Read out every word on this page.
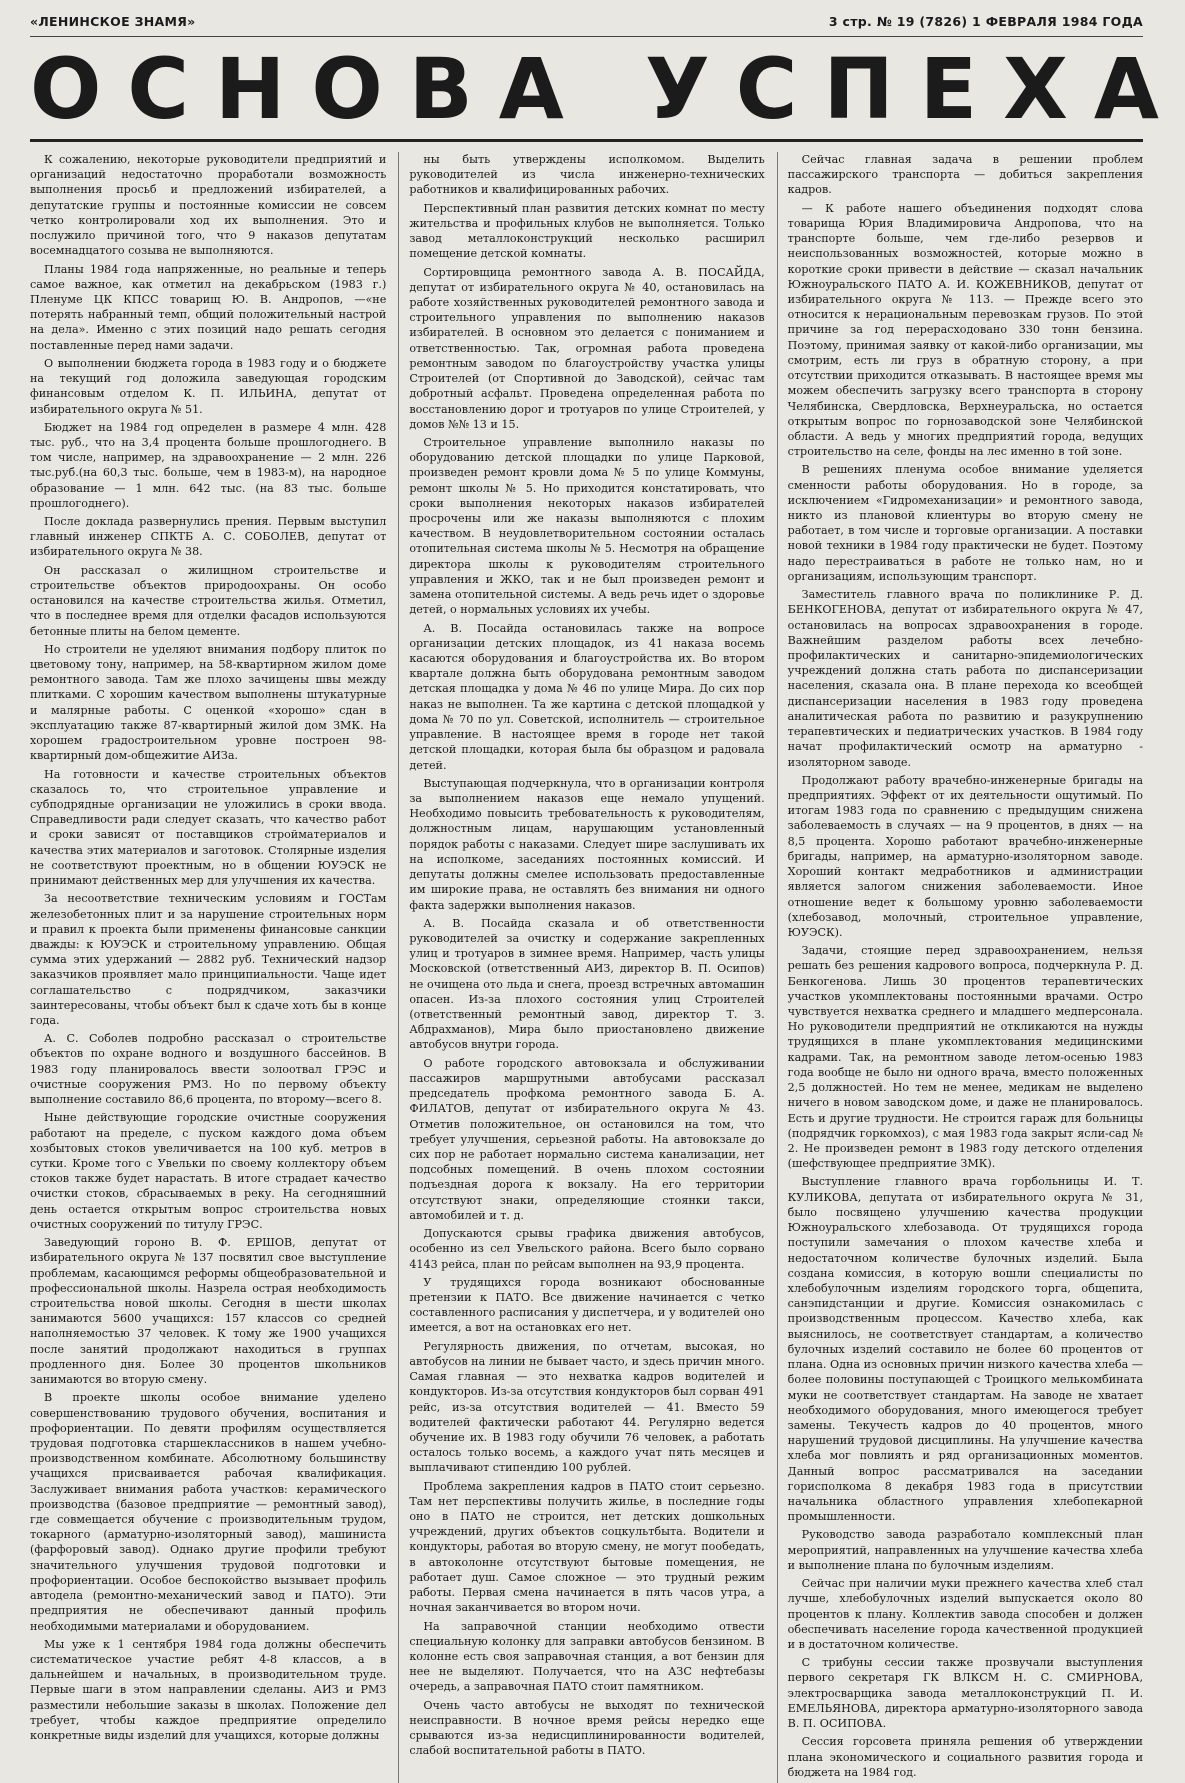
«ЛЕНИНСКОЕ ЗНАМЯ»	3 стр. № 19 (7826) 1 ФЕВРАЛЯ 1984 ГОДА
ОСНОВА УСПЕХА

К сожалению, некоторые руководители предприятий и организаций недостаточно проработали возможность выполнения просьб и предложений избирателей, а депутатские группы и постоянные комиссии не совсем четко контролировали ход их выполнения. Это и послужило причиной того, что 9 наказов депутатам восемнадцатого созыва не выполняются.

Планы 1984 года напряженные, но реальные и теперь самое важное, как отметил на декабрьском (1983 г.) Пленуме ЦК КПСС товарищ Ю. В. Андропов, —«не потерять набранный темп, общий положительный настрой на дела». Именно с этих позиций надо решать сегодня поставленные перед нами задачи.

О выполнении бюджета города в 1983 году и о бюджете на текущий год доложила заведующая городским финансовым отделом К. П. ИЛЬИНА, депутат от избирательного округа № 51.

Бюджет на 1984 год определен в размере 4 млн. 428 тыс. руб., что на 3,4 процента больше прошлогоднего. В том числе, например, на здравоохранение — 2 млн. 226 тыс.руб.(на 60,3 тыс. больше, чем в 1983-м), на народное образование — 1 млн. 642 тыс. (на 83 тыс. больше прошлогоднего).

После доклада развернулись прения. Первым выступил главный инженер СПКТБ А. С. СОБОЛЕВ, депутат от избирательного округа № 38.

Он рассказал о жилищном строительстве и строительстве объектов природоохраны. Он особо остановился на качестве строительства жилья. Отметил, что в последнее время для отделки фасадов используются бетонные плиты на белом цементе.

Но строители не уделяют внимания подбору плиток по цветовому тону, например, на 58-квартирном жилом доме ремонтного завода. Там же плохо зачищены швы между плитками. С хорошим качеством выполнены штукатурные и малярные работы. С оценкой «хорошо» сдан в эксплуатацию также 87-квартирный жилой дом ЗМК. На хорошем градостроительном уровне построен 98-квартирный дом-общежитие АИЗа.

На готовности и качестве строительных объектов сказалось то, что строительное управление и субподрядные организации не уложились в сроки ввода. Справедливости ради следует сказать, что качество работ и сроки зависят от поставщиков стройматериалов и качества этих материалов и заготовок. Столярные изделия не соответствуют проектным, но в общении ЮУЭСК не принимают действенных мер для улучшения их качества.

За несоответствие техническим условиям и ГОСТам железобетонных плит и за нарушение строительных норм и правил к проекта были применены финансовые санкции дважды: к ЮУЭСК и строительному управлению. Общая сумма этих удержаний — 2882 руб. Технический надзор заказчиков проявляет мало принципиальности. Чаще идет соглашательство с подрядчиком, заказчики заинтересованы, чтобы объект был к сдаче хоть бы в конце года.

А. С. Соболев подробно рассказал о строительстве объектов по охране водного и воздушного бассейнов. В 1983 году планировалось ввести золоотвал ГРЭС и очистные сооружения РМЗ. Но по первому объекту выполнение составило 86,6 процента, по второму—всего 8.

Ныне действующие городские очистные сооружения работают на пределе, с пуском каждого дома объем хозбытовых стоков увеличивается на 100 куб. метров в сутки. Кроме того с Увельки по своему коллектору объем стоков также будет нарастать. В итоге страдает качество очистки стоков, сбрасываемых в реку. На сегодняшний день остается открытым вопрос строительства новых очистных сооружений по титулу ГРЭС.

Заведующий гороно В. Ф. ЕРШОВ, депутат от избирательного округа № 137 посвятил свое выступление проблемам, касающимся реформы общеобразовательной и профессиональной школы. Назрела острая необходимость строительства новой школы. Сегодня в шести школах занимаются 5600 учащихся: 157 классов со средней наполняемостью 37 человек. К тому же 1900 учащихся после занятий продолжают находиться в группах продленного дня. Более 30 процентов школьников занимаются во вторую смену.

В проекте школы особое внимание уделено совершенствованию трудового обучения, воспитания и профориентации. По девяти профилям осуществляется трудовая подготовка старшеклассников в нашем учебно-производственном комбинате. Абсолютному большинству учащихся присваивается рабочая квалификация. Заслуживает внимания работа участков: керамического производства (базовое предприятие — ремонтный завод), где совмещается обучение с производительным трудом, токарного (арматурно-изоляторный завод), машиниста (фарфоровый завод). Однако другие профили требуют значительного улучшения трудовой подготовки и профориентации. Особое беспокойство вызывает профиль автодела (ремонтно-механический завод и ПАТО). Эти предприятия не обеспечивают данный профиль необходимыми материалами и оборудованием.

Мы уже к 1 сентября 1984 года должны обеспечить систематическое участие ребят 4-8 классов, а в дальнейшем и начальных, в производительном труде. Первые шаги в этом направлении сделаны. АИЗ и РМЗ разместили небольшие заказы в школах. Положение дел требует, чтобы каждое предприятие определило конкретные виды изделий для учащихся, которые должны

ны быть утверждены исполкомом. Выделить руководителей из числа инженерно-технических работников и квалифицированных рабочих.

Перспективный план развития детских комнат по месту жительства и профильных клубов не выполняется. Только завод металлоконструкций несколько расширил помещение детской комнаты.

Сортировщица ремонтного завода А. В. ПОСАЙДА, депутат от избирательного округа № 40, остановилась на работе хозяйственных руководителей ремонтного завода и строительного управления по выполнению наказов избирателей. В основном это делается с пониманием и ответственностью. Так, огромная работа проведена ремонтным заводом по благоустройству участка улицы Строителей (от Спортивной до Заводской), сейчас там добротный асфальт. Проведена определенная работа по восстановлению дорог и тротуаров по улице Строителей, у домов №№ 13 и 15.

Строительное управление выполнило наказы по оборудованию детской площадки по улице Парковой, произведен ремонт кровли дома № 5 по улице Коммуны, ремонт школы № 5. Но приходится констатировать, что сроки выполнения некоторых наказов избирателей просрочены или же наказы выполняются с плохим качеством. В неудовлетворительном состоянии осталась отопительная система школы № 5. Несмотря на обращение директора школы к руководителям строительного управления и ЖКО, так и не был произведен ремонт и замена отопительной системы. А ведь речь идет о здоровье детей, о нормальных условиях их учебы.

А. В. Посайда остановилась также на вопросе организации детских площадок, из 41 наказа восемь касаются оборудования и благоустройства их. Во втором квартале должна быть оборудована ремонтным заводом детская площадка у дома № 46 по улице Мира. До сих пор наказ не выполнен. Та же картина с детской площадкой у дома № 70 по ул. Советской, исполнитель — строительное управление. В настоящее время в городе нет такой детской площадки, которая была бы образцом и радовала детей.

Выступающая подчеркнула, что в организации контроля за выполнением наказов еще немало упущений. Необходимо повысить требовательность к руководителям, должностным лицам, нарушающим установленный порядок работы с наказами. Следует шире заслушивать их на исполкоме, заседаниях постоянных комиссий. И депутаты должны смелее использовать предоставленные им широкие права, не оставлять без внимания ни одного факта задержки выполнения наказов.

А. В. Посайда сказала и об ответственности руководителей за очистку и содержание закрепленных улиц и тротуаров в зимнее время. Например, часть улицы Московской (ответственный АИЗ, директор В. П. Осипов) не очищена ото льда и снега, проезд встречных автомашин опасен. Из-за плохого состояния улиц Строителей (ответственный ремонтный завод, директор Т. З. Абдрахманов), Мира было приостановлено движение автобусов внутри города.

О работе городского автовокзала и обслуживании пассажиров маршрутными автобусами рассказал председатель профкома ремонтного завода Б. А. ФИЛАТОВ, депутат от избирательного округа № 43. Отметив положительное, он остановился на том, что требует улучшения, серьезной работы. На автовокзале до сих пор не работает нормально система канализации, нет подсобных помещений. В очень плохом состоянии подъездная дорога к вокзалу. На его территории отсутствуют знаки, определяющие стоянки такси, автомобилей и т. д.

Допускаются срывы графика движения автобусов, особенно из сел Увельского района. Всего было сорвано 4143 рейса, план по рейсам выполнен на 93,9 процента.

У трудящихся города возникают обоснованные претензии к ПАТО. Все движение начинается с четко составленного расписания у диспетчера, и у водителей оно имеется, а вот на остановках его нет.

Регулярность движения, по отчетам, высокая, но автобусов на линии не бывает часто, и здесь причин много. Самая главная — это нехватка кадров водителей и кондукторов. Из-за отсутствия кондукторов был сорван 491 рейс, из-за отсутствия водителей — 41. Вместо 59 водителей фактически работают 44. Регулярно ведется обучение их. В 1983 году обучили 76 человек, а работать осталось только восемь, а каждого учат пять месяцев и выплачивают стипендию 100 рублей.

Проблема закрепления кадров в ПАТО стоит серьезно. Там нет перспективы получить жилье, в последние годы оно в ПАТО не строится, нет детских дошкольных учреждений, других объектов соцкультбыта. Водители и кондукторы, работая во вторую смену, не могут пообедать, в автоколонне отсутствуют бытовые помещения, не работает душ. Самое сложное — это трудный режим работы. Первая смена начинается в пять часов утра, а ночная заканчивается во втором ночи.

На заправочной станции необходимо отвести специальную колонку для заправки автобусов бензином. В колонне есть своя заправочная станция, а вот бензин для нее не выделяют. Получается, что на АЗС нефтебазы очередь, а заправочная ПАТО стоит памятником.

Очень часто автобусы не выходят по технической неисправности. В ночное время рейсы нередко еще срываются из-за недисциплинированности водителей, слабой воспитательной работы в ПАТО.

Сейчас главная задача в решении проблем пассажирского транспорта — добиться закрепления кадров.

— К работе нашего объединения подходят слова товарища Юрия Владимировича Андропова, что на транспорте больше, чем где-либо резервов и неиспользованных возможностей, которые можно в короткие сроки привести в действие — сказал начальник Южноуральского ПАТО А. И. КОЖЕВНИКОВ, депутат от избирательного округа № 113. — Прежде всего это относится к нерациональным перевозкам грузов. По этой причине за год перерасходовано 330 тонн бензина. Поэтому, принимая заявку от какой-либо организации, мы смотрим, есть ли груз в обратную сторону, а при отсутствии приходится отказывать. В настоящее время мы можем обеспечить загрузку всего транспорта в сторону Челябинска, Свердловска, Верхнеуральска, но остается открытым вопрос по горнозаводской зоне Челябинской области. А ведь у многих предприятий города, ведущих строительство на селе, фонды на лес именно в той зоне.

В решениях пленума особое внимание уделяется сменности работы оборудования. Но в городе, за исключением «Гидромеханизации» и ремонтного завода, никто из плановой клиентуры во вторую смену не работает, в том числе и торговые организации. А поставки новой техники в 1984 году практически не будет. Поэтому надо перестраиваться в работе не только нам, но и организациям, использующим транспорт.

Заместитель главного врача по поликлинике Р. Д. БЕНКОГЕНОВА, депутат от избирательного округа № 47, остановилась на вопросах здравоохранения в городе. Важнейшим разделом работы всех лечебно-профилактических и санитарно-эпидемиологических учреждений должна стать работа по диспансеризации населения, сказала она. В плане перехода ко всеобщей диспансеризации населения в 1983 году проведена аналитическая работа по развитию и разукрупнению терапевтических и педиатрических участков. В 1984 году начат профилактический осмотр на арматурно - изоляторном заводе.

Продолжают работу врачебно-инженерные бригады на предприятиях. Эффект от их деятельности ощутимый. По итогам 1983 года по сравнению с предыдущим снижена заболеваемость в случаях — на 9 процентов, в днях — на 8,5 процента. Хорошо работают врачебно-инженерные бригады, например, на арматурно-изоляторном заводе. Хороший контакт медработников и администрации является залогом снижения заболеваемости. Иное отношение ведет к большому уровню заболеваемости (хлебозавод, молочный, строительное управление, ЮУЭСК).

Задачи, стоящие перед здравоохранением, нельзя решать без решения кадрового вопроса, подчеркнула Р. Д. Бенкогенова. Лишь 30 процентов терапевтических участков укомплектованы постоянными врачами. Остро чувствуется нехватка среднего и младшего медперсонала. Но руководители предприятий не откликаются на нужды трудящихся в плане укомплектования медицинскими кадрами. Так, на ремонтном заводе летом-осенью 1983 года вообще не было ни одного врача, вместо положенных 2,5 должностей. Но тем не менее, медикам не выделено ничего в новом заводском доме, и даже не планировалось. Есть и другие трудности. Не строится гараж для больницы (подрядчик горкомхоз), с мая 1983 года закрыт ясли-сад № 2. Не произведен ремонт в 1983 году детского отделения (шефствующее предприятие ЗМК).

Выступление главного врача горбольницы И. Т. КУЛИКОВА, депутата от избирательного округа № 31, было посвящено улучшению качества продукции Южноуральского хлебозавода. От трудящихся города поступили замечания о плохом качестве хлеба и недостаточном количестве булочных изделий. Была создана комиссия, в которую вошли специалисты по хлебобулочным изделиям городского торга, общепита, санэпидстанции и другие. Комиссия ознакомилась с производственным процессом. Качество хлеба, как выяснилось, не соответствует стандартам, а количество булочных изделий составило не более 60 процентов от плана. Одна из основных причин низкого качества хлеба — более половины поступающей с Троицкого мелькомбината муки не соответствует стандартам. На заводе не хватает необходимого оборудования, много имеющегося требует замены. Текучесть кадров до 40 процентов, много нарушений трудовой дисциплины. На улучшение качества хлеба мог повлиять и ряд организационных моментов. Данный вопрос рассматривался на заседании горисполкома 8 декабря 1983 года в присутствии начальника областного управления хлебопекарной промышленности.

Руководство завода разработало комплексный план мероприятий, направленных на улучшение качества хлеба и выполнение плана по булочным изделиям.

Сейчас при наличии муки прежнего качества хлеб стал лучше, хлебобулочных изделий выпускается около 80 процентов к плану. Коллектив завода способен и должен обеспечивать население города качественной продукцией и в достаточном количестве.

С трибуны сессии также прозвучали выступления первого секретаря ГК ВЛКСМ Н. С. СМИРНОВА, электросварщика завода металлоконструкций П. И. ЕМЕЛЬЯНОВА, директора арматурно-изоляторного завода В. П. ОСИПОВА.

Сессия горсовета приняла решения об утверждении плана экономического и социального развития города и бюджета на 1984 год.
